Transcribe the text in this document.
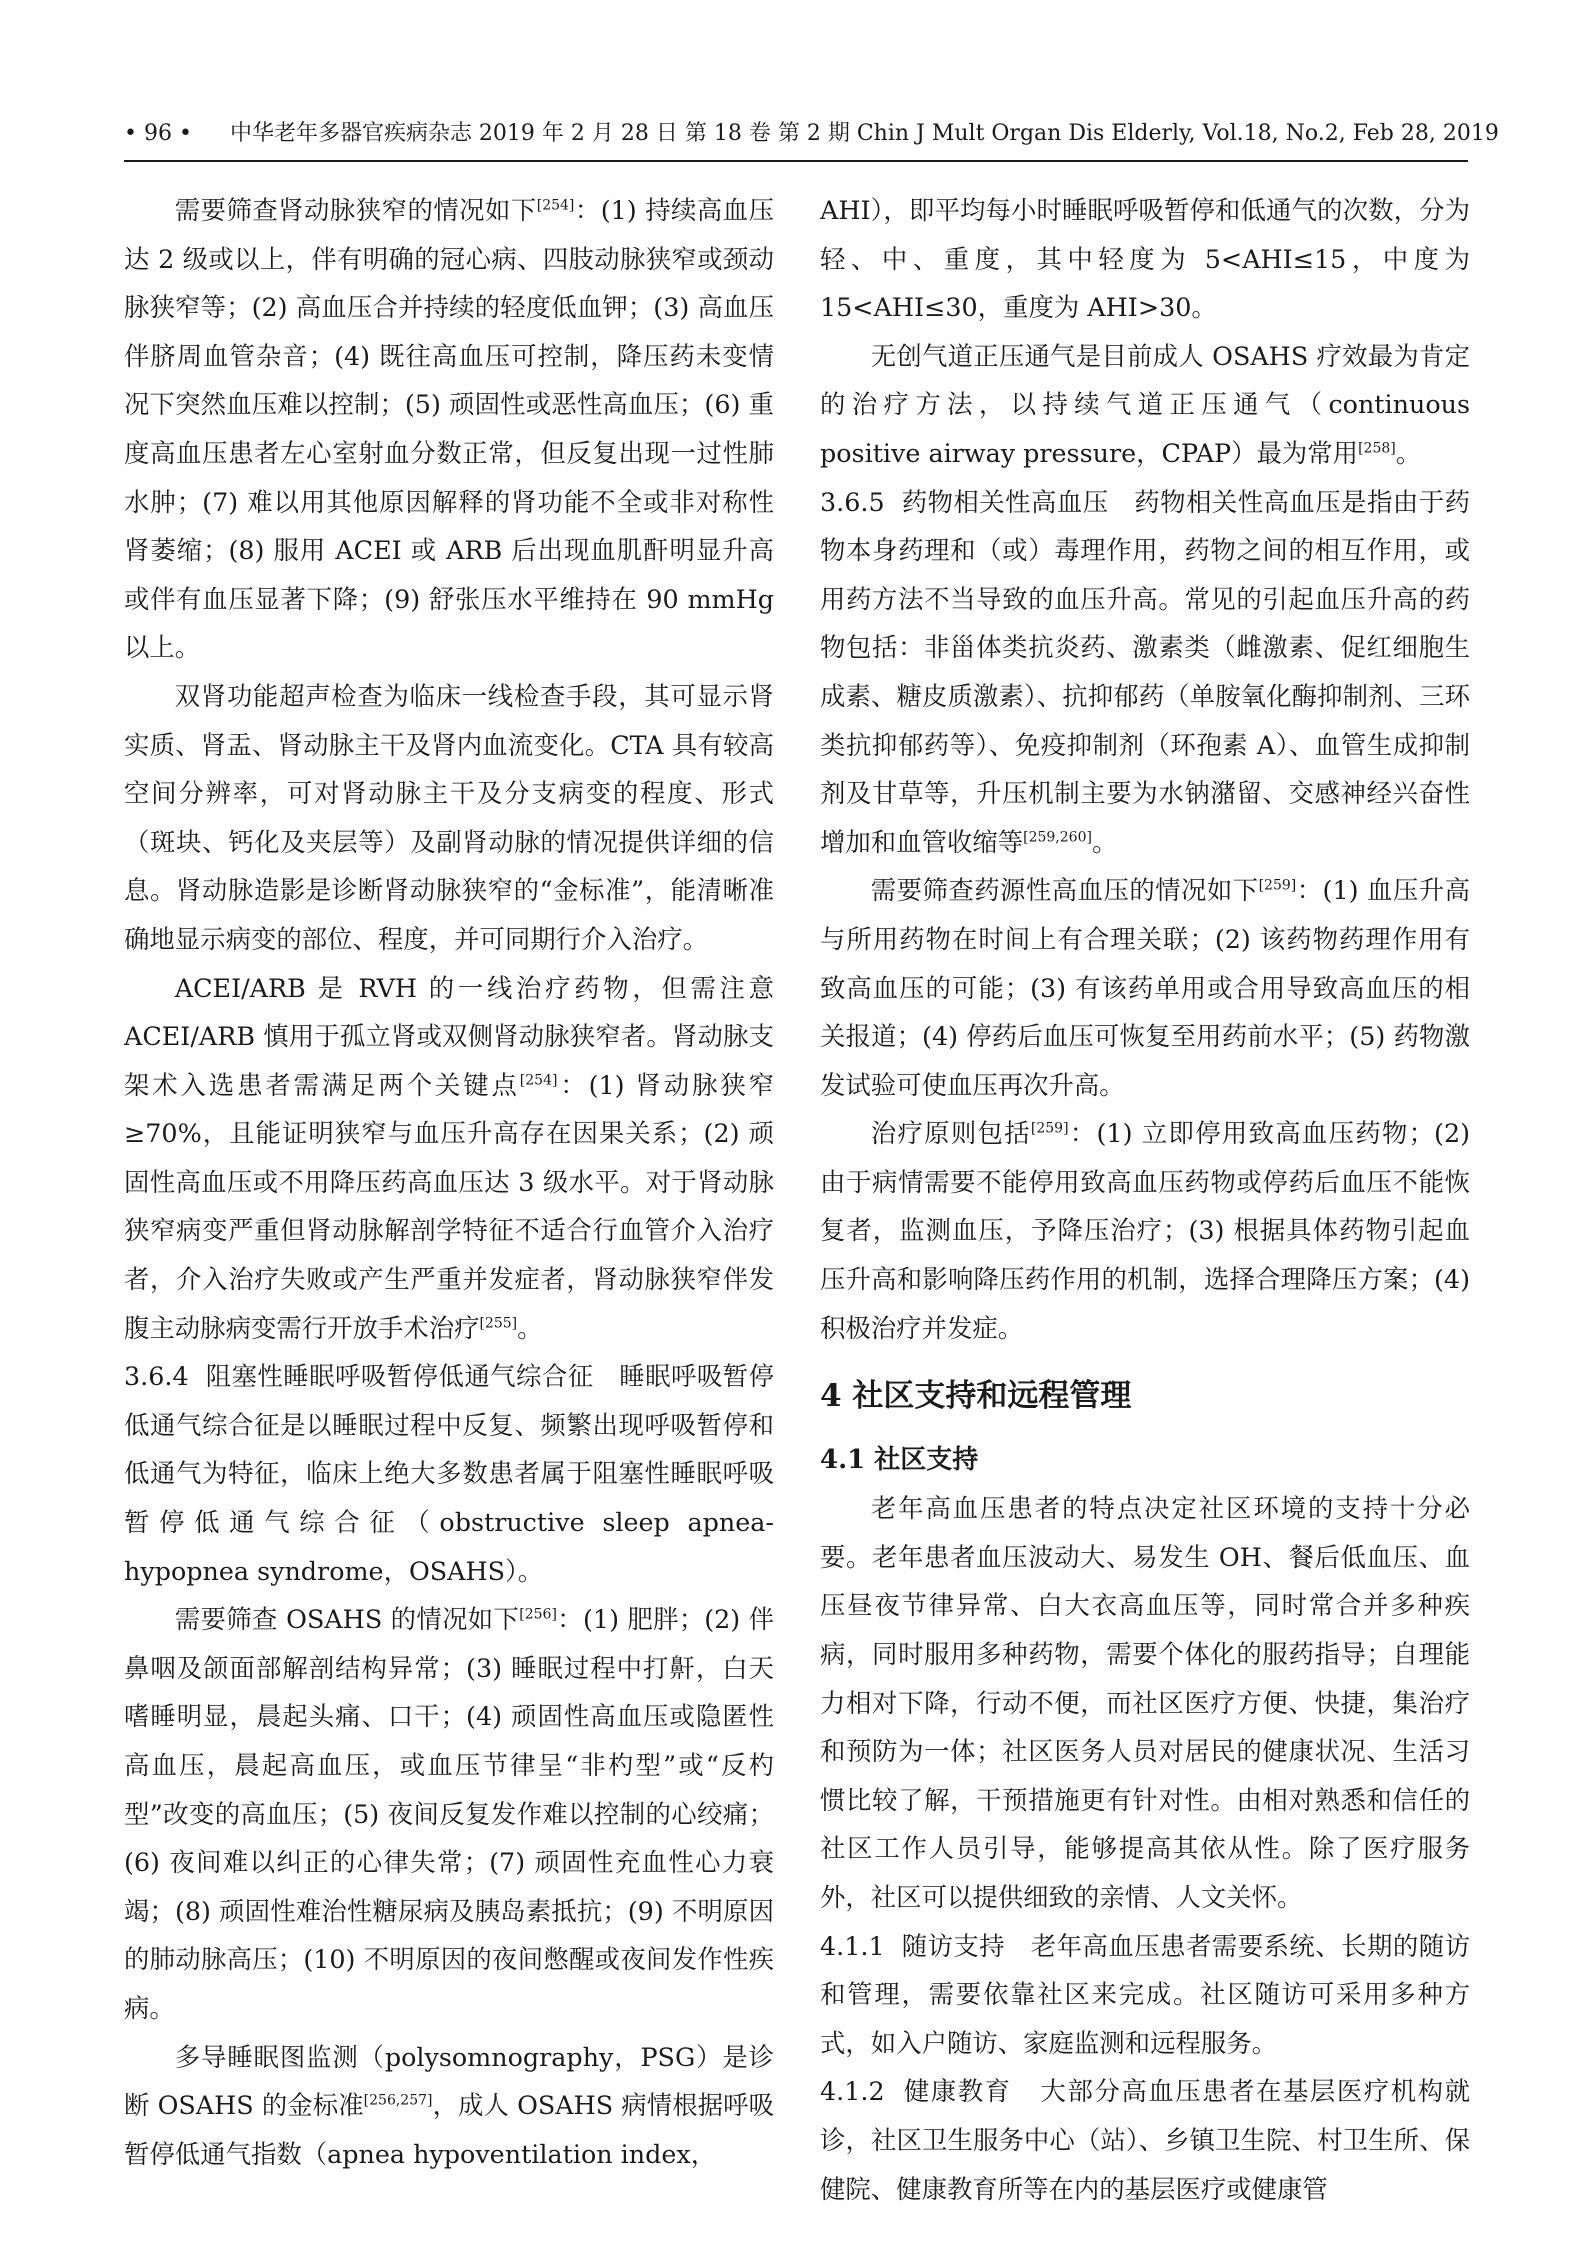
• 96 • 中华老年多器官疾病杂志 2019 年 2 月 28 日 第 18 卷 第 2 期 Chin J Mult Organ Dis Elderly, Vol.18, No.2, Feb 28, 2019

需要筛查肾动脉狭窄的情况如下[254]：(1) 持续高血压达 2 级或以上，伴有明确的冠心病、四肢动脉狭窄或颈动脉狭窄等；(2) 高血压合并持续的轻度低血钾；(3) 高血压伴脐周血管杂音；(4) 既往高血压可控制，降压药未变情况下突然血压难以控制；(5) 顽固性或恶性高血压；(6) 重度高血压患者左心室射血分数正常，但反复出现一过性肺水肿；(7) 难以用其他原因解释的肾功能不全或非对称性肾萎缩；(8) 服用 ACEI 或 ARB 后出现血肌酐明显升高或伴有血压显著下降；(9) 舒张压水平维持在 90 mmHg以上。

双肾功能超声检查为临床一线检查手段，其可显示肾实质、肾盂、肾动脉主干及肾内血流变化。CTA 具有较高空间分辨率，可对肾动脉主干及分支病变的程度、形式（斑块、钙化及夹层等）及副肾动脉的情况提供详细的信息。肾动脉造影是诊断肾动脉狭窄的“金标准”，能清晰准确地显示病变的部位、程度，并可同期行介入治疗。

ACEI/ARB 是 RVH 的一线治疗药物，但需注意 ACEI/ARB 慎用于孤立肾或双侧肾动脉狭窄者。肾动脉支架术入选患者需满足两个关键点[254]：(1) 肾动脉狭窄≥70%，且能证明狭窄与血压升高存在因果关系；(2) 顽固性高血压或不用降压药高血压达 3 级水平。对于肾动脉狭窄病变严重但肾动脉解剖学特征不适合行血管介入治疗者，介入治疗失败或产生严重并发症者，肾动脉狭窄伴发腹主动脉病变需行开放手术治疗[255]。

3.6.4 阻塞性睡眠呼吸暂停低通气综合征 睡眠呼吸暂停低通气综合征是以睡眠过程中反复、频繁出现呼吸暂停和低通气为特征，临床上绝大多数患者属于阻塞性睡眠呼吸暂停低通气综合征（obstructive sleep apnea-hypopnea syndrome，OSAHS）。

需要筛查 OSAHS 的情况如下[256]：(1) 肥胖；(2) 伴鼻咽及颌面部解剖结构异常；(3) 睡眠过程中打鼾，白天嗜睡明显，晨起头痛、口干；(4) 顽固性高血压或隐匿性高血压，晨起高血压，或血压节律呈“非杓型”或“反杓型”改变的高血压；(5) 夜间反复发作难以控制的心绞痛；(6) 夜间难以纠正的心律失常；(7) 顽固性充血性心力衰竭；(8) 顽固性难治性糖尿病及胰岛素抵抗；(9) 不明原因的肺动脉高压；(10) 不明原因的夜间憋醒或夜间发作性疾病。

多导睡眠图监测（polysomnography，PSG）是诊断 OSAHS 的金标准[256,257]，成人 OSAHS 病情根据呼吸暂停低通气指数（apnea hypoventilation index，

AHI），即平均每小时睡眠呼吸暂停和低通气的次数，分为轻、中、重度，其中轻度为 5<AHI≤15，中度为 15<AHI≤30，重度为 AHI>30。

无创气道正压通气是目前成人 OSAHS 疗效最为肯定的治疗方法，以持续气道正压通气（continuous positive airway pressure，CPAP）最为常用[258]。

3.6.5 药物相关性高血压 药物相关性高血压是指由于药物本身药理和（或）毒理作用，药物之间的相互作用，或用药方法不当导致的血压升高。常见的引起血压升高的药物包括：非甾体类抗炎药、激素类（雌激素、促红细胞生成素、糖皮质激素）、抗抑郁药（单胺氧化酶抑制剂、三环类抗抑郁药等）、免疫抑制剂（环孢素 A）、血管生成抑制剂及甘草等，升压机制主要为水钠潴留、交感神经兴奋性增加和血管收缩等[259,260]。

需要筛查药源性高血压的情况如下[259]：(1) 血压升高与所用药物在时间上有合理关联；(2) 该药物药理作用有致高血压的可能；(3) 有该药单用或合用导致高血压的相关报道；(4) 停药后血压可恢复至用药前水平；(5) 药物激发试验可使血压再次升高。

治疗原则包括[259]：(1) 立即停用致高血压药物；(2) 由于病情需要不能停用致高血压药物或停药后血压不能恢复者，监测血压，予降压治疗；(3) 根据具体药物引起血压升高和影响降压药作用的机制，选择合理降压方案；(4) 积极治疗并发症。

4 社区支持和远程管理
4.1 社区支持

老年高血压患者的特点决定社区环境的支持十分必要。老年患者血压波动大、易发生 OH、餐后低血压、血压昼夜节律异常、白大衣高血压等，同时常合并多种疾病，同时服用多种药物，需要个体化的服药指导；自理能力相对下降，行动不便，而社区医疗方便、快捷，集治疗和预防为一体；社区医务人员对居民的健康状况、生活习惯比较了解，干预措施更有针对性。由相对熟悉和信任的社区工作人员引导，能够提高其依从性。除了医疗服务外，社区可以提供细致的亲情、人文关怀。

4.1.1 随访支持 老年高血压患者需要系统、长期的随访和管理，需要依靠社区来完成。社区随访可采用多种方式，如入户随访、家庭监测和远程服务。

4.1.2 健康教育 大部分高血压患者在基层医疗机构就诊，社区卫生服务中心（站）、乡镇卫生院、村卫生所、保健院、健康教育所等在内的基层医疗或健康管
